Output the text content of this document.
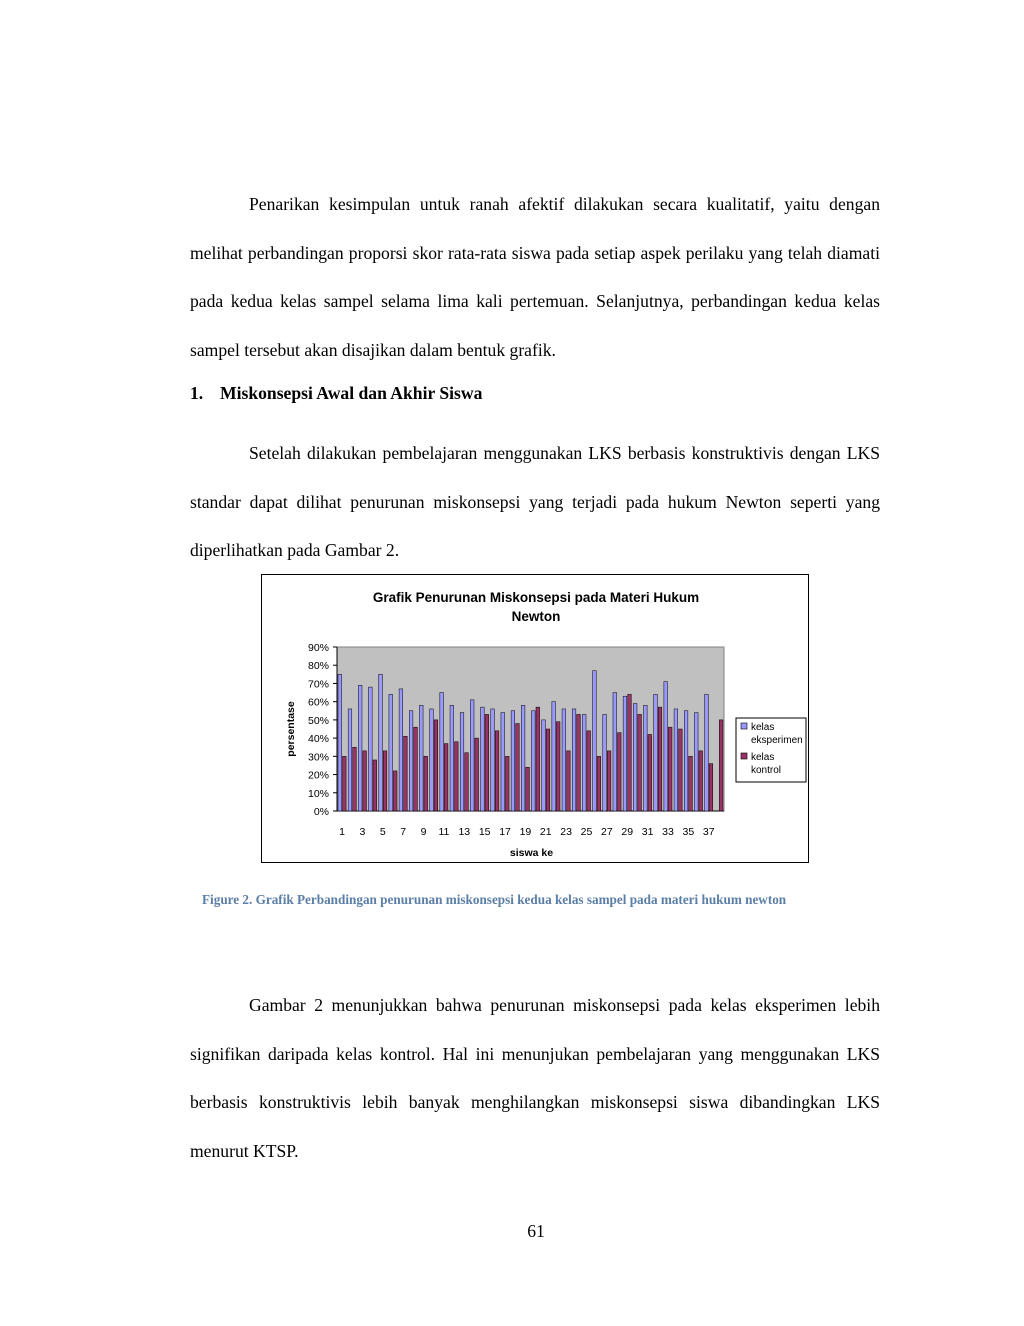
Penarikan kesimpulan untuk ranah afektif dilakukan secara kualitatif, yaitu dengan melihat perbandingan proporsi skor rata-rata siswa pada setiap aspek perilaku yang telah diamati pada kedua kelas sampel selama lima kali pertemuan. Selanjutnya, perbandingan kedua kelas sampel tersebut akan disajikan dalam bentuk grafik.

1. Miskonsepsi Awal dan Akhir Siswa

Setelah dilakukan pembelajaran menggunakan LKS berbasis konstruktivis dengan LKS standar dapat dilihat penurunan miskonsepsi yang terjadi pada hukum Newton seperti yang diperlihatkan pada Gambar 2.

Grafik Penurunan Miskonsepsi pada Materi Hukum
Newton
0%
10%
20%
30%
40%
50%
60%
70%
80%
90%
persentase
1 3 5 7 9 11 13 15 17 19 21 23 25 27 29 31 33 35 37
siswa ke
kelas
eksperimen
kelas
kontrol

Figure 2. Grafik Perbandingan penurunan miskonsepsi kedua kelas sampel pada materi hukum newton

Gambar 2 menunjukkan bahwa penurunan miskonsepsi pada kelas eksperimen lebih signifikan daripada kelas kontrol. Hal ini menunjukan pembelajaran yang menggunakan LKS berbasis konstruktivis lebih banyak menghilangkan miskonsepsi siswa dibandingkan LKS menurut KTSP.

61
